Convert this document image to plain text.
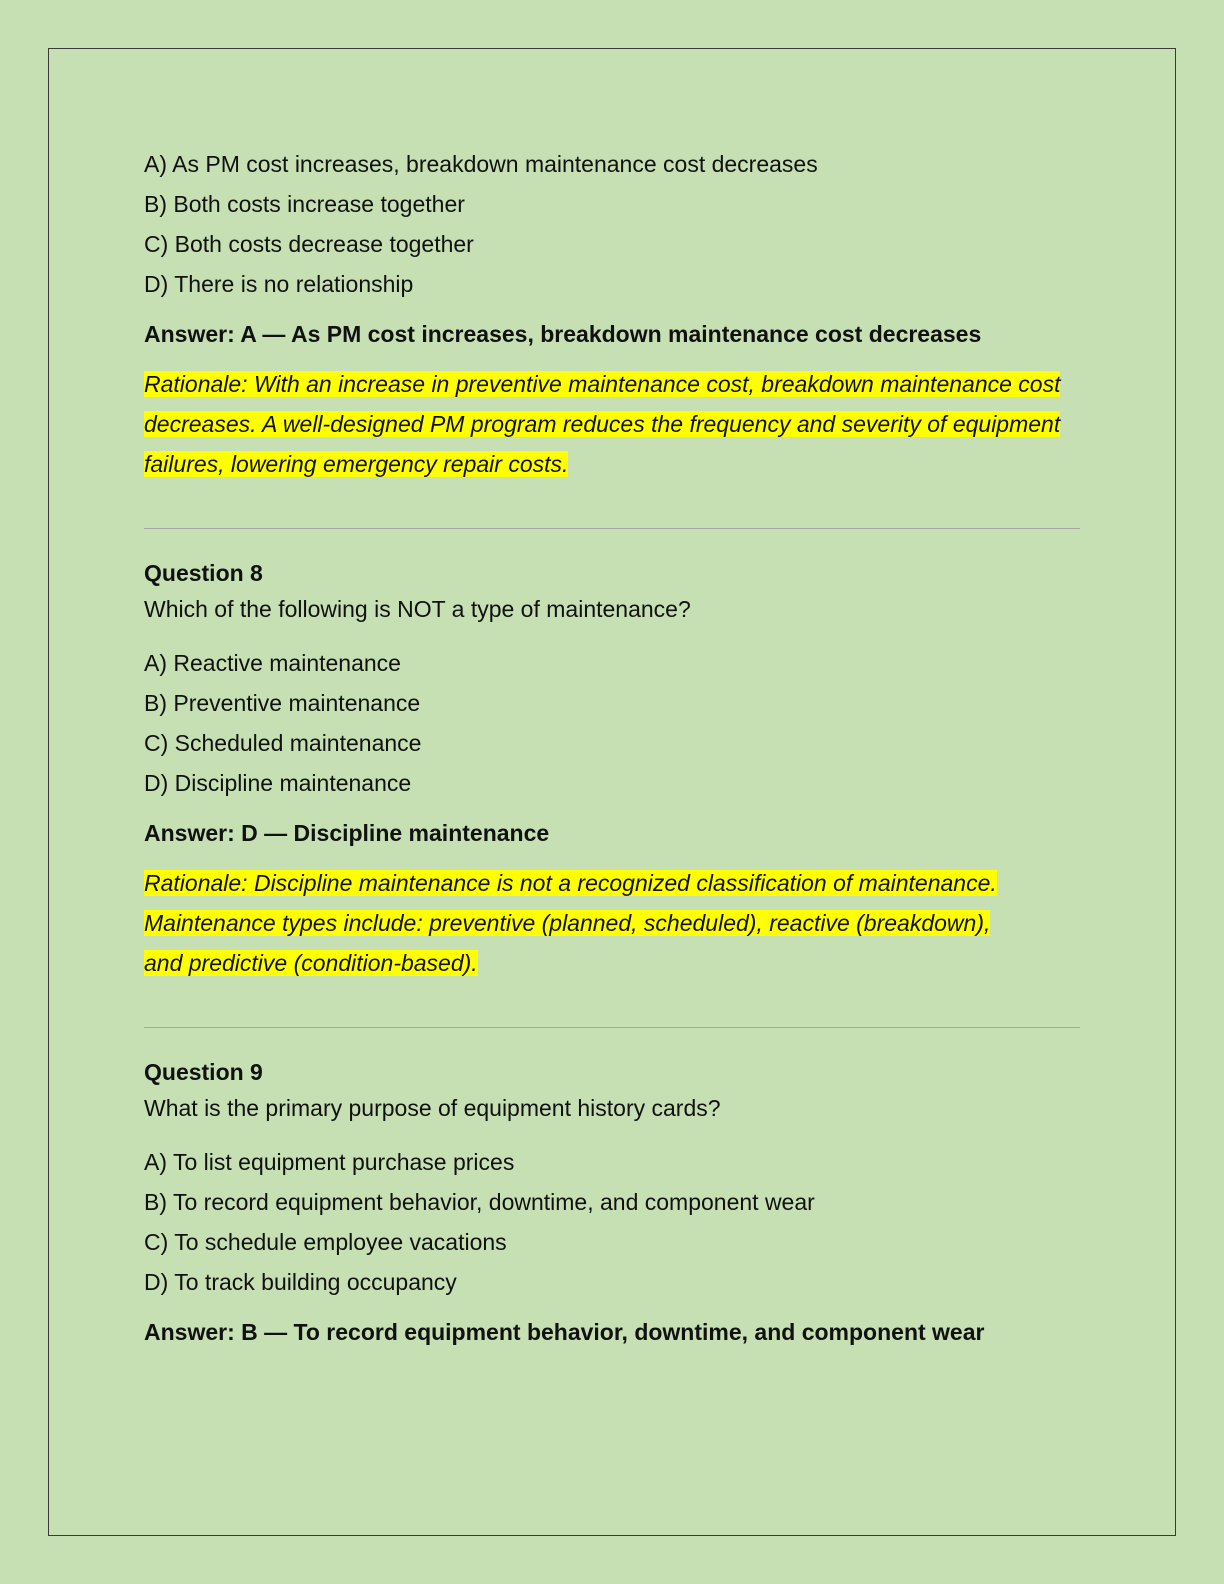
A) As PM cost increases, breakdown maintenance cost decreases
B) Both costs increase together
C) Both costs decrease together
D) There is no relationship
Answer: A — As PM cost increases, breakdown maintenance cost decreases
Rationale: With an increase in preventive maintenance cost, breakdown maintenance cost decreases. A well-designed PM program reduces the frequency and severity of equipment failures, lowering emergency repair costs.
Question 8
Which of the following is NOT a type of maintenance?
A) Reactive maintenance
B) Preventive maintenance
C) Scheduled maintenance
D) Discipline maintenance
Answer: D — Discipline maintenance
Rationale: Discipline maintenance is not a recognized classification of maintenance. Maintenance types include: preventive (planned, scheduled), reactive (breakdown), and predictive (condition-based).
Question 9
What is the primary purpose of equipment history cards?
A) To list equipment purchase prices
B) To record equipment behavior, downtime, and component wear
C) To schedule employee vacations
D) To track building occupancy
Answer: B — To record equipment behavior, downtime, and component wear
